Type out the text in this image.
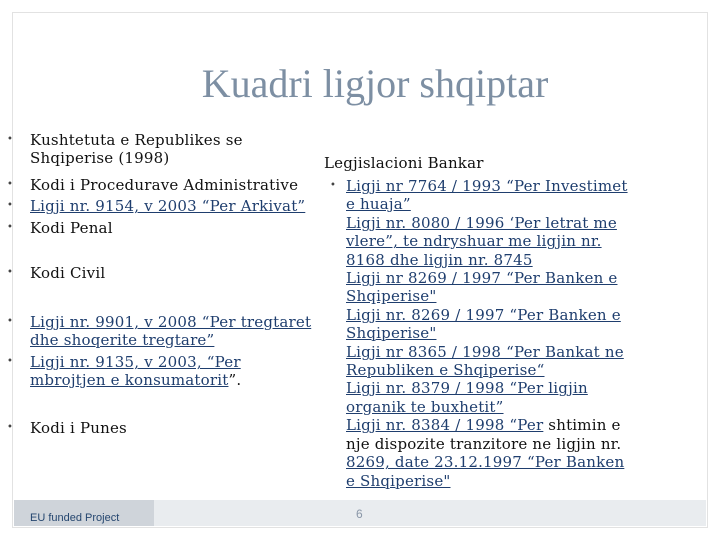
Kuadri ligjor shqiptar
• Kushtetuta e Republikes se
Shqiperise (1998)
• Kodi i Procedurave Administrative
• Ligji nr. 9154, v 2003 “Per Arkivat”
• Kodi Penal
• Kodi Civil
• Ligji nr. 9901, v 2008 “Per tregtaret
dhe shoqerite tregtare”
• Ligji nr. 9135, v 2003, “Per
mbrojtjen e konsumatorit”.
• Kodi i Punes
Legjislacioni Bankar
• Ligji nr 7764 / 1993 “Per Investimet
e huaja”
Ligji nr. 8080 / 1996 ‘Per letrat me
vlere”, te ndryshuar me ligjin nr.
8168 dhe ligjin nr. 8745
Ligji nr 8269 / 1997 “Per Banken e
Shqiperise"
Ligji nr. 8269 / 1997 “Per Banken e
Shqiperise"
Ligji nr 8365 / 1998 “Per Bankat ne
Republiken e Shqiperise“
Ligji nr. 8379 / 1998 “Per ligjin
organik te buxhetit”
Ligji nr. 8384 / 1998 “Per shtimin e
nje dispozite tranzitore ne ligjin nr.
8269, date 23.12.1997 “Per Banken
e Shqiperise"
EU funded Project	6
